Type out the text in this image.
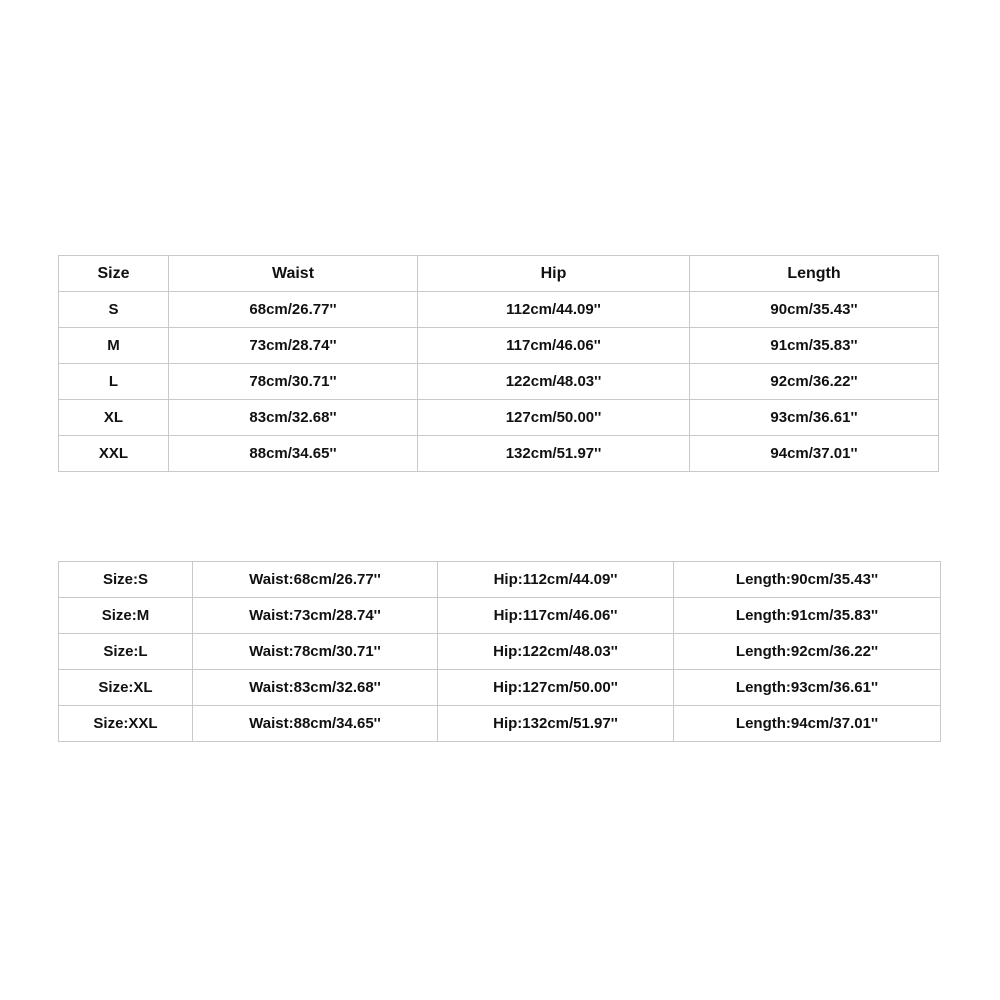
Size	Waist	Hip	Length
S	68cm/26.77''	112cm/44.09''	90cm/35.43''
M	73cm/28.74''	117cm/46.06''	91cm/35.83''
L	78cm/30.71''	122cm/48.03''	92cm/36.22''
XL	83cm/32.68''	127cm/50.00''	93cm/36.61''
XXL	88cm/34.65''	132cm/51.97''	94cm/37.01''
Size:S	Waist:68cm/26.77''	Hip:112cm/44.09''	Length:90cm/35.43''
Size:M	Waist:73cm/28.74''	Hip:117cm/46.06''	Length:91cm/35.83''
Size:L	Waist:78cm/30.71''	Hip:122cm/48.03''	Length:92cm/36.22''
Size:XL	Waist:83cm/32.68''	Hip:127cm/50.00''	Length:93cm/36.61''
Size:XXL	Waist:88cm/34.65''	Hip:132cm/51.97''	Length:94cm/37.01''
